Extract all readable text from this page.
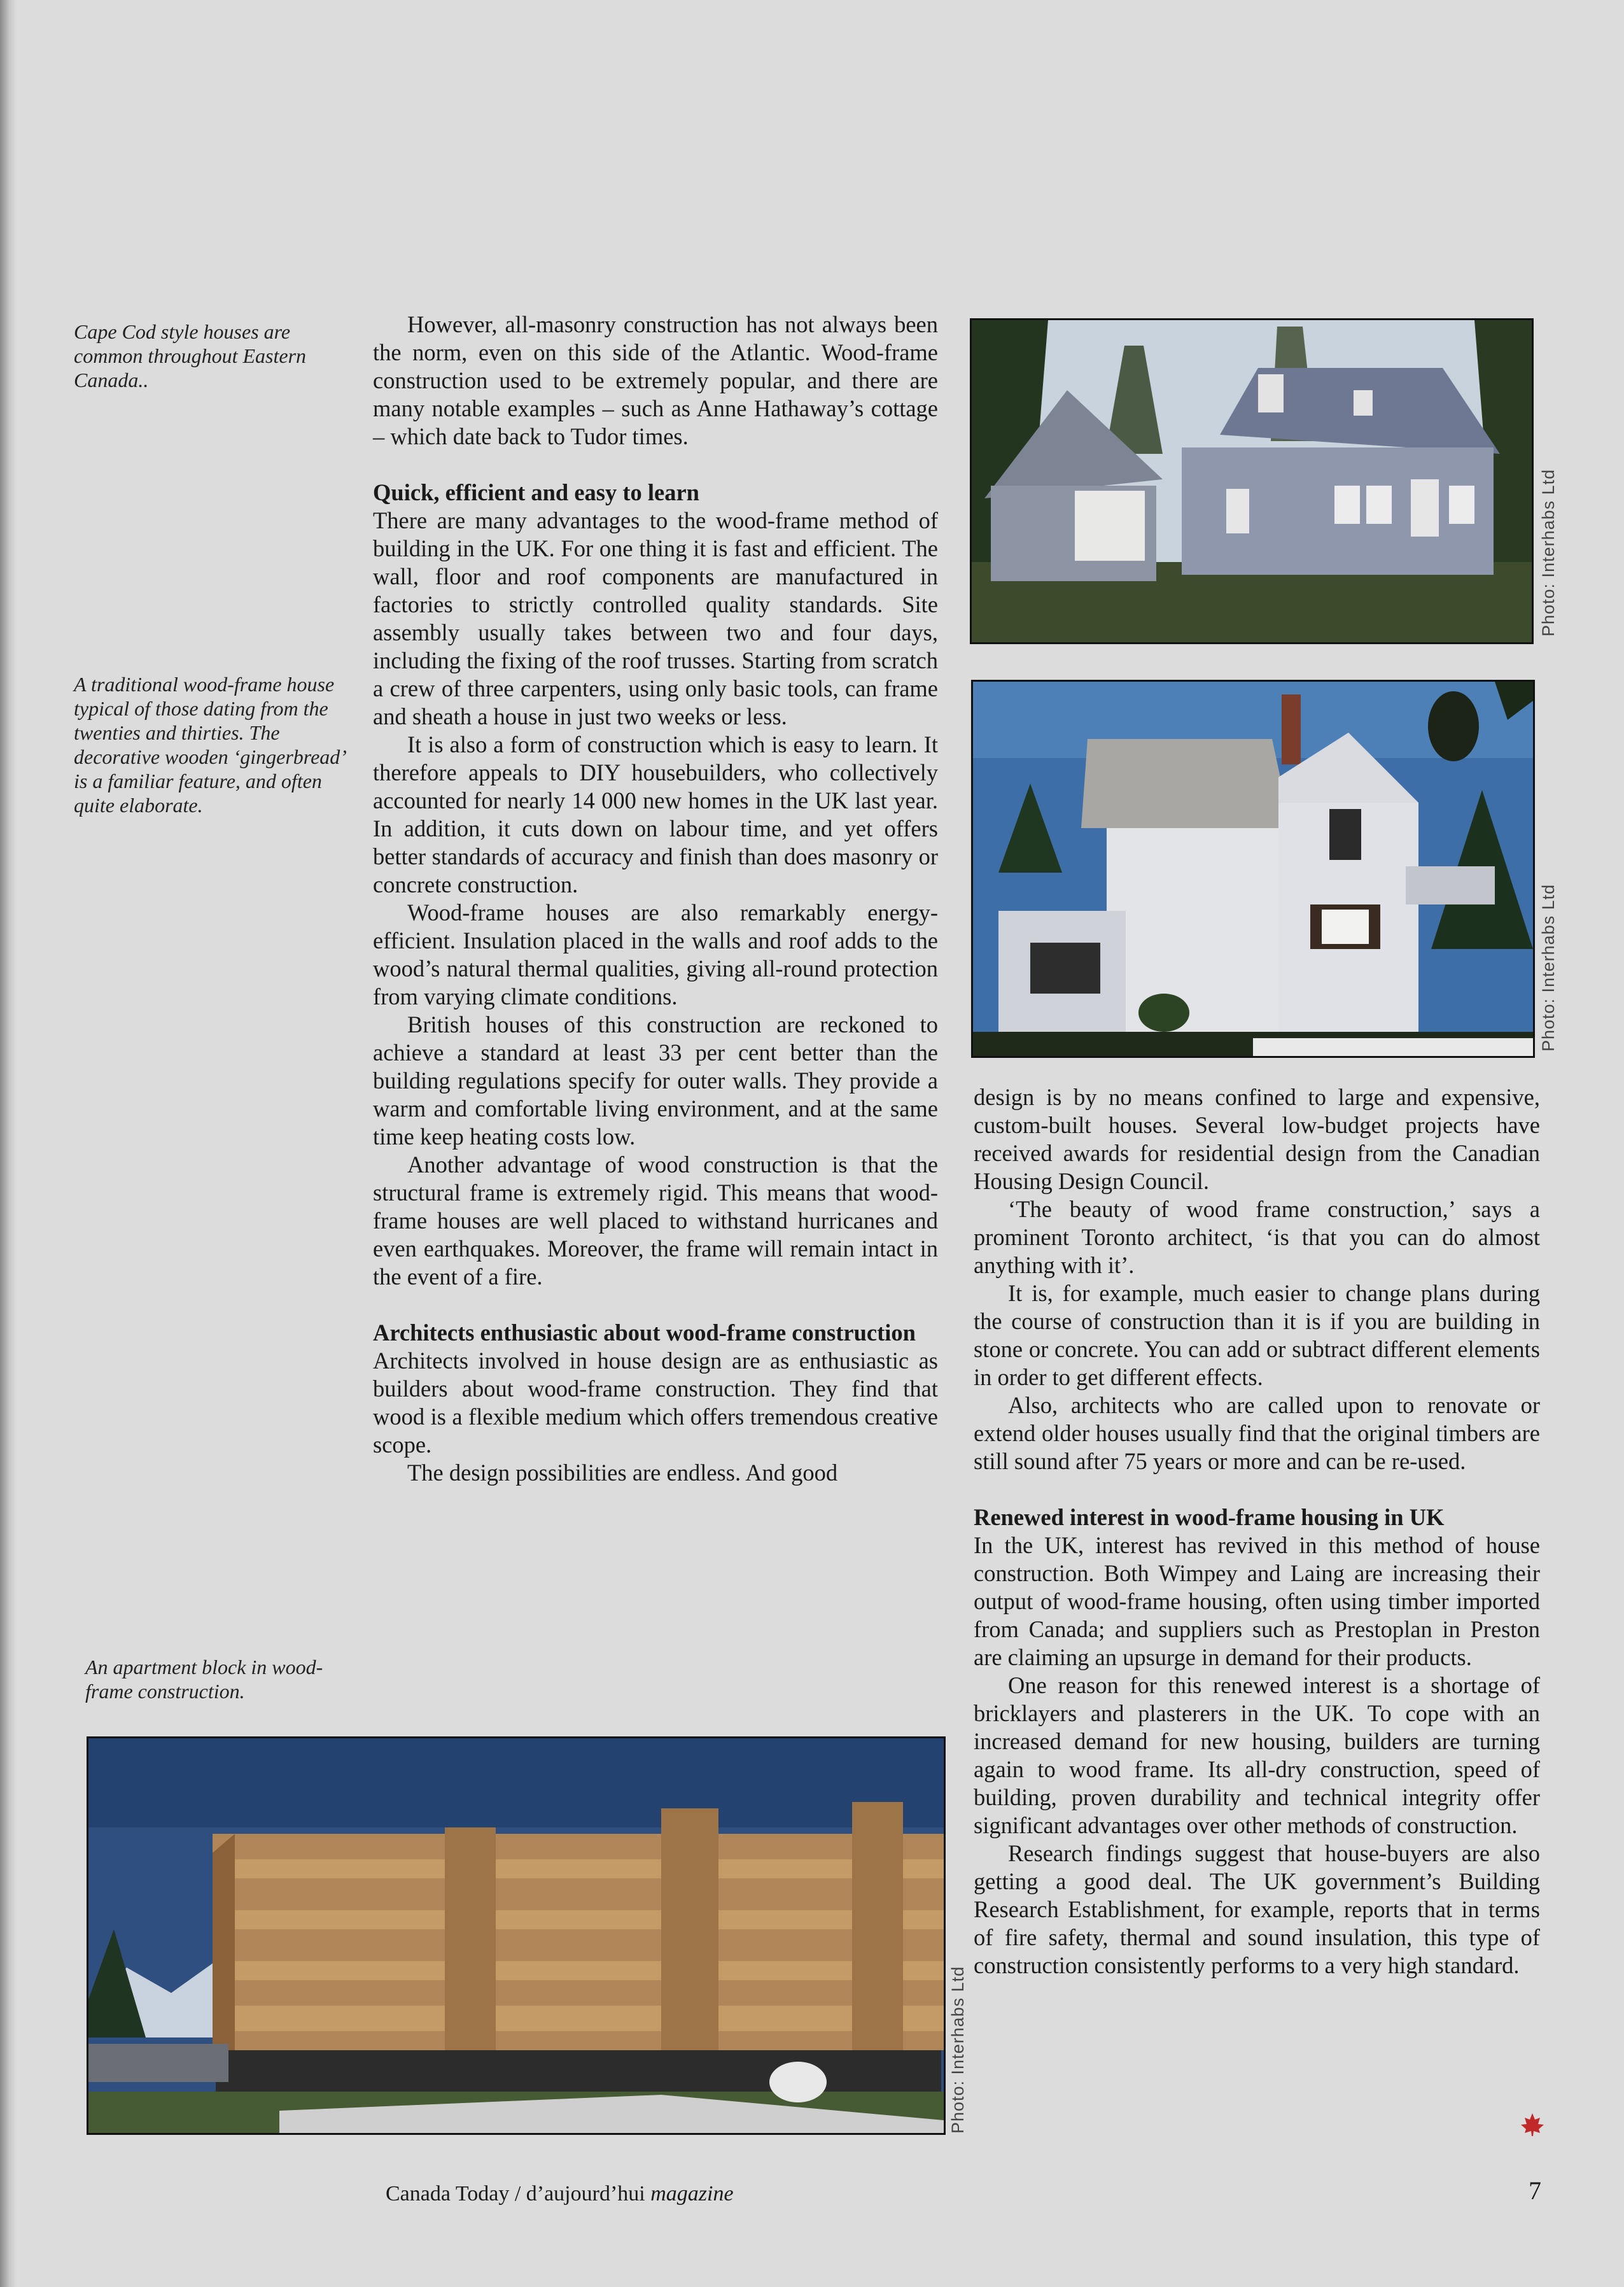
Cape Cod style houses are common throughout Eastern Canada..
A traditional wood-frame house typical of those dating from the twenties and thirties. The decorative wooden ‘gingerbread’ is a familiar feature, and often quite elaborate.
An apartment block in wood-frame construction.

However, all-masonry construction has not always been the norm, even on this side of the Atlantic. Wood-frame construction used to be extremely popular, and there are many notable examples – such as Anne Hathaway’s cottage – which date back to Tudor times.

Quick, efficient and easy to learn

There are many advantages to the wood-frame method of building in the UK. For one thing it is fast and efficient. The wall, floor and roof components are manufactured in factories to strictly controlled quality standards. Site assembly usually takes between two and four days, including the fixing of the roof trusses. Starting from scratch a crew of three carpenters, using only basic tools, can frame and sheath a house in just two weeks or less.

It is also a form of construction which is easy to learn. It therefore appeals to DIY housebuilders, who collectively accounted for nearly 14 000 new homes in the UK last year. In addition, it cuts down on labour time, and yet offers better standards of accuracy and finish than does masonry or concrete construction.

Wood-frame houses are also remarkably energy-efficient. Insulation placed in the walls and roof adds to the wood’s natural thermal qualities, giving all-round protection from varying climate conditions.

British houses of this construction are reckoned to achieve a standard at least 33 per cent better than the building regulations specify for outer walls. They provide a warm and comfortable living environment, and at the same time keep heating costs low.

Another advantage of wood construction is that the structural frame is extremely rigid. This means that wood-frame houses are well placed to withstand hurricanes and even earthquakes. Moreover, the frame will remain intact in the event of a fire.

Architects enthusiastic about wood-frame construction

Architects involved in house design are as enthusiastic as builders about wood-frame construction. They find that wood is a flexible medium which offers tremendous creative scope.

The design possibilities are endless. And good

design is by no means confined to large and expensive, custom-built houses. Several low-budget projects have received awards for residential design from the Canadian Housing Design Council.

‘The beauty of wood frame construction,’ says a prominent Toronto architect, ‘is that you can do almost anything with it’.

It is, for example, much easier to change plans during the course of construction than it is if you are building in stone or concrete. You can add or subtract different elements in order to get different effects.

Also, architects who are called upon to renovate or extend older houses usually find that the original timbers are still sound after 75 years or more and can be re-used.

Renewed interest in wood-frame housing in UK

In the UK, interest has revived in this method of house construction. Both Wimpey and Laing are increasing their output of wood-frame housing, often using timber imported from Canada; and suppliers such as Prestoplan in Preston are claiming an upsurge in demand for their products.

One reason for this renewed interest is a shortage of bricklayers and plasterers in the UK. To cope with an increased demand for new housing, builders are turning again to wood frame. Its all-dry construction, speed of building, proven durability and technical integrity offer significant advantages over other methods of construction.

Research findings suggest that house-buyers are also getting a good deal. The UK government’s Building Research Establishment, for example, reports that in terms of fire safety, thermal and sound insulation, this type of construction consistently performs to a very high standard.

Photo: Interhabs Ltd
Photo: Interhabs Ltd
Photo: Interhabs Ltd
Canada Today / d’aujourd’hui magazine	7
